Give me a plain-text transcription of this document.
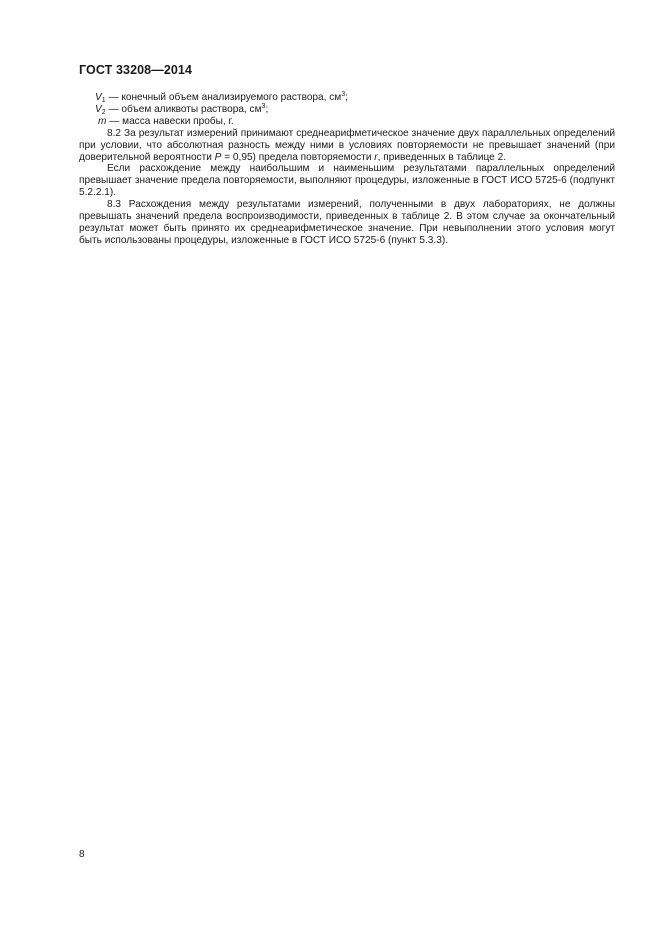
ГОСТ 33208—2014
$V_1$ — конечный объем анализируемого раствора, $см^3$;
$V_2$ — объем аликвоты раствора, $см^3$;
m — масса навески пробы, г.

8.2 За результат измерений принимают среднеарифметическое значение двух параллельных определений при условии, что абсолютная разность между ними в условиях повторяемости не превышает значений (при доверительной вероятности P = 0,95) предела повторяемости r, приведенных в таблице 2.

Если расхождение между наибольшим и наименьшим результатами параллельных определений превышает значение предела повторяемости, выполняют процедуры, изложенные в ГОСТ ИСО 5725-6 (подпункт 5.2.2.1).

8.3 Расхождения между результатами измерений, полученными в двух лабораториях, не должны превышать значений предела воспроизводимости, приведенных в таблице 2. В этом случае за окончательный результат может быть принято их среднеарифметическое значение. При невыполнении этого условия могут быть использованы процедуры, изложенные в ГОСТ ИСО 5725-6 (пункт 5.3.3).

8
